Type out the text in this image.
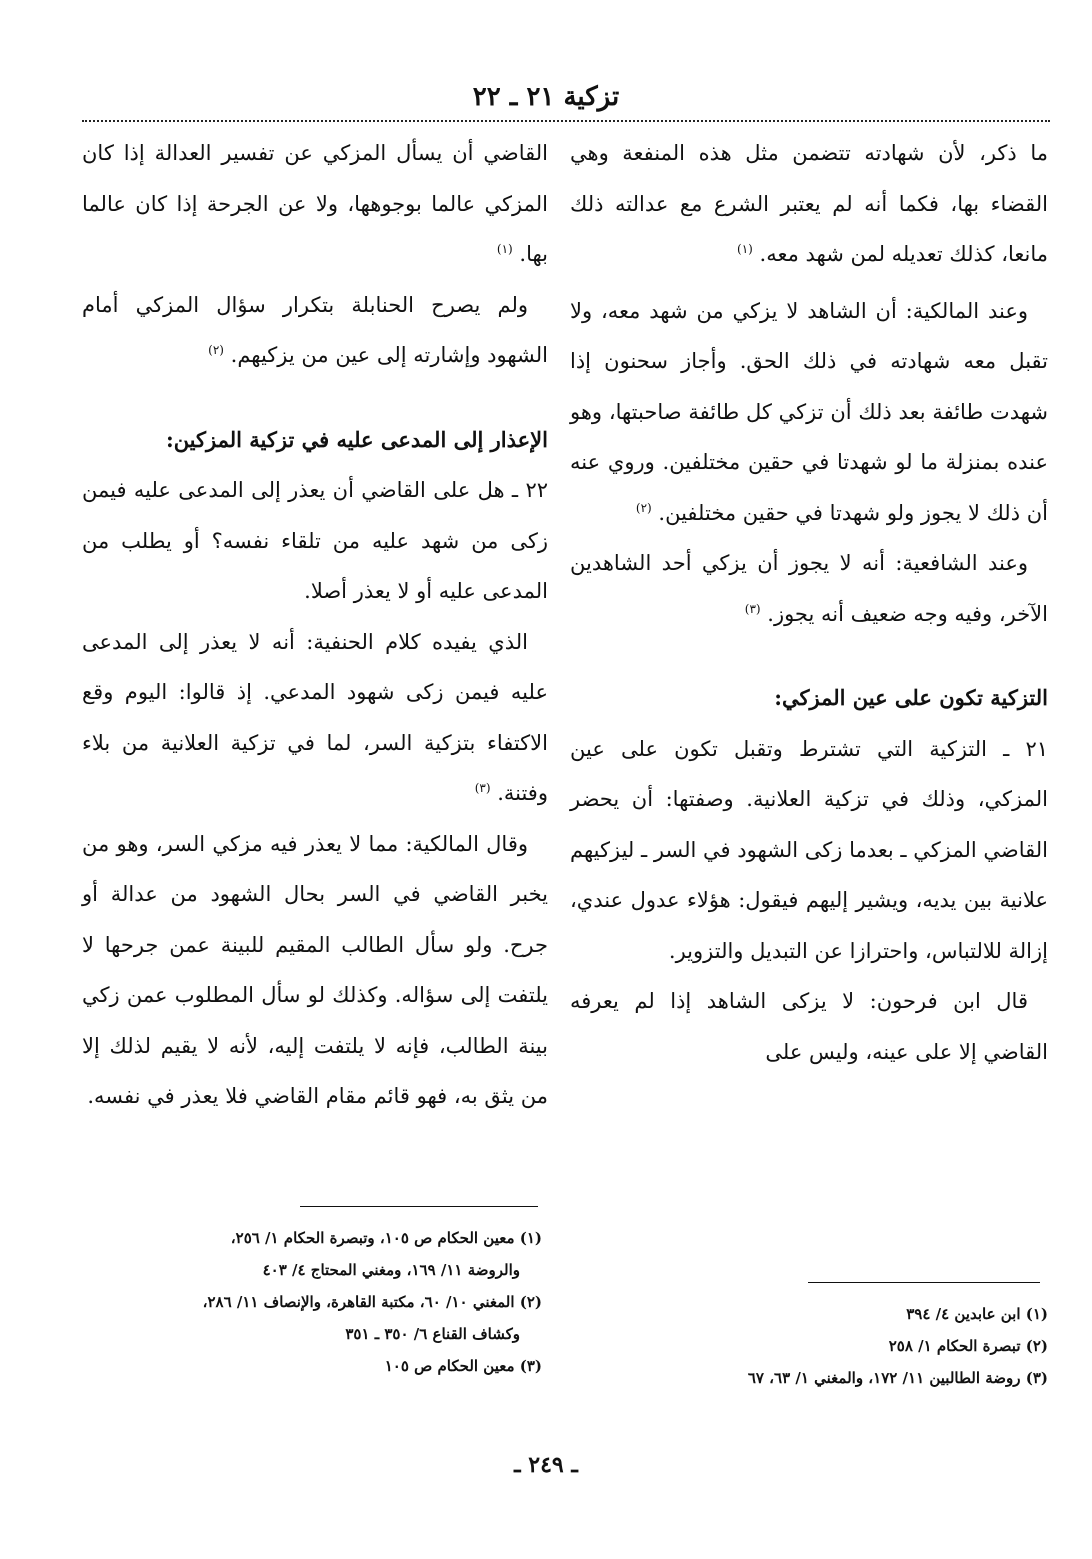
تزكية ٢١ ـ ٢٢

ما ذكر، لأن شهادته تتضمن مثل هذه المنفعة وهي القضاء بها، فكما أنه لم يعتبر الشرع مع عدالته ذلك مانعا، كذلك تعديله لمن شهد معه. $^{(١)}$

وعند المالكية: أن الشاهد لا يزكي من شهد معه، ولا تقبل معه شهادته في ذلك الحق. وأجاز سحنون إذا شهدت طائفة بعد ذلك أن تزكي كل طائفة صاحبتها، وهو عنده بمنزلة ما لو شهدتا في حقين مختلفين. وروي عنه أن ذلك لا يجوز ولو شهدتا في حقين مختلفين. $^{(٢)}$

وعند الشافعية: أنه لا يجوز أن يزكي أحد الشاهدين الآخر، وفيه وجه ضعيف أنه يجوز. $^{(٣)}$

التزكية تكون على عين المزكي:

٢١ ـ التزكية التي تشترط وتقبل تكون على عين المزكي، وذلك في تزكية العلانية. وصفتها: أن يحضر القاضي المزكي ـ بعدما زكى الشهود في السر ـ ليزكيهم علانية بين يديه، ويشير إليهم فيقول: هؤلاء عدول عندي، إزالة للالتباس، واحترازا عن التبديل والتزوير.

قال ابن فرحون: لا يزكى الشاهد إذا لم يعرفه القاضي إلا على عينه، وليس على

القاضي أن يسأل المزكي عن تفسير العدالة إذا كان المزكي عالما بوجوهها، ولا عن الجرحة إذا كان عالما بها. $^{(١)}$

ولم يصرح الحنابلة بتكرار سؤال المزكي أمام الشهود وإشارته إلى عين من يزكيهم. $^{(٢)}$

الإعذار إلى المدعى عليه في تزكية المزكين:

٢٢ ـ هل على القاضي أن يعذر إلى المدعى عليه فيمن زكى من شهد عليه من تلقاء نفسه؟ أو يطلب من المدعى عليه أو لا يعذر أصلا.

الذي يفيده كلام الحنفية: أنه لا يعذر إلى المدعى عليه فيمن زكى شهود المدعي. إذ قالوا: اليوم وقع الاكتفاء بتزكية السر، لما في تزكية العلانية من بلاء وفتنة. $^{(٣)}$

وقال المالكية: مما لا يعذر فيه مزكي السر، وهو من يخبر القاضي في السر بحال الشهود من عدالة أو جرح. ولو سأل الطالب المقيم للبينة عمن جرحها لا يلتفت إلى سؤاله. وكذلك لو سأل المطلوب عمن زكي بينة الطالب، فإنه لا يلتفت إليه، لأنه لا يقيم لذلك إلا من يثق به، فهو قائم مقام القاضي فلا يعذر في نفسه.

(١) ابن عابدين ٤/ ٣٩٤
(٢) تبصرة الحكام ١/ ٢٥٨
(٣) روضة الطالبين ١١/ ١٧٢، والمغني ١/ ٦٣، ٦٧
(١) معين الحكام ص ١٠٥، وتبصرة الحكام ١/ ٢٥٦،
والروضة ١١/ ١٦٩، ومغني المحتاج ٤/ ٤٠٣
(٢) المغني ١٠/ ٦٠، مكتبة القاهرة، والإنصاف ١١/ ٢٨٦،
وكشاف القناع ٦/ ٣٥٠ ـ ٣٥١
(٣) معين الحكام ص ١٠٥
ـ ٢٤٩ ـ
